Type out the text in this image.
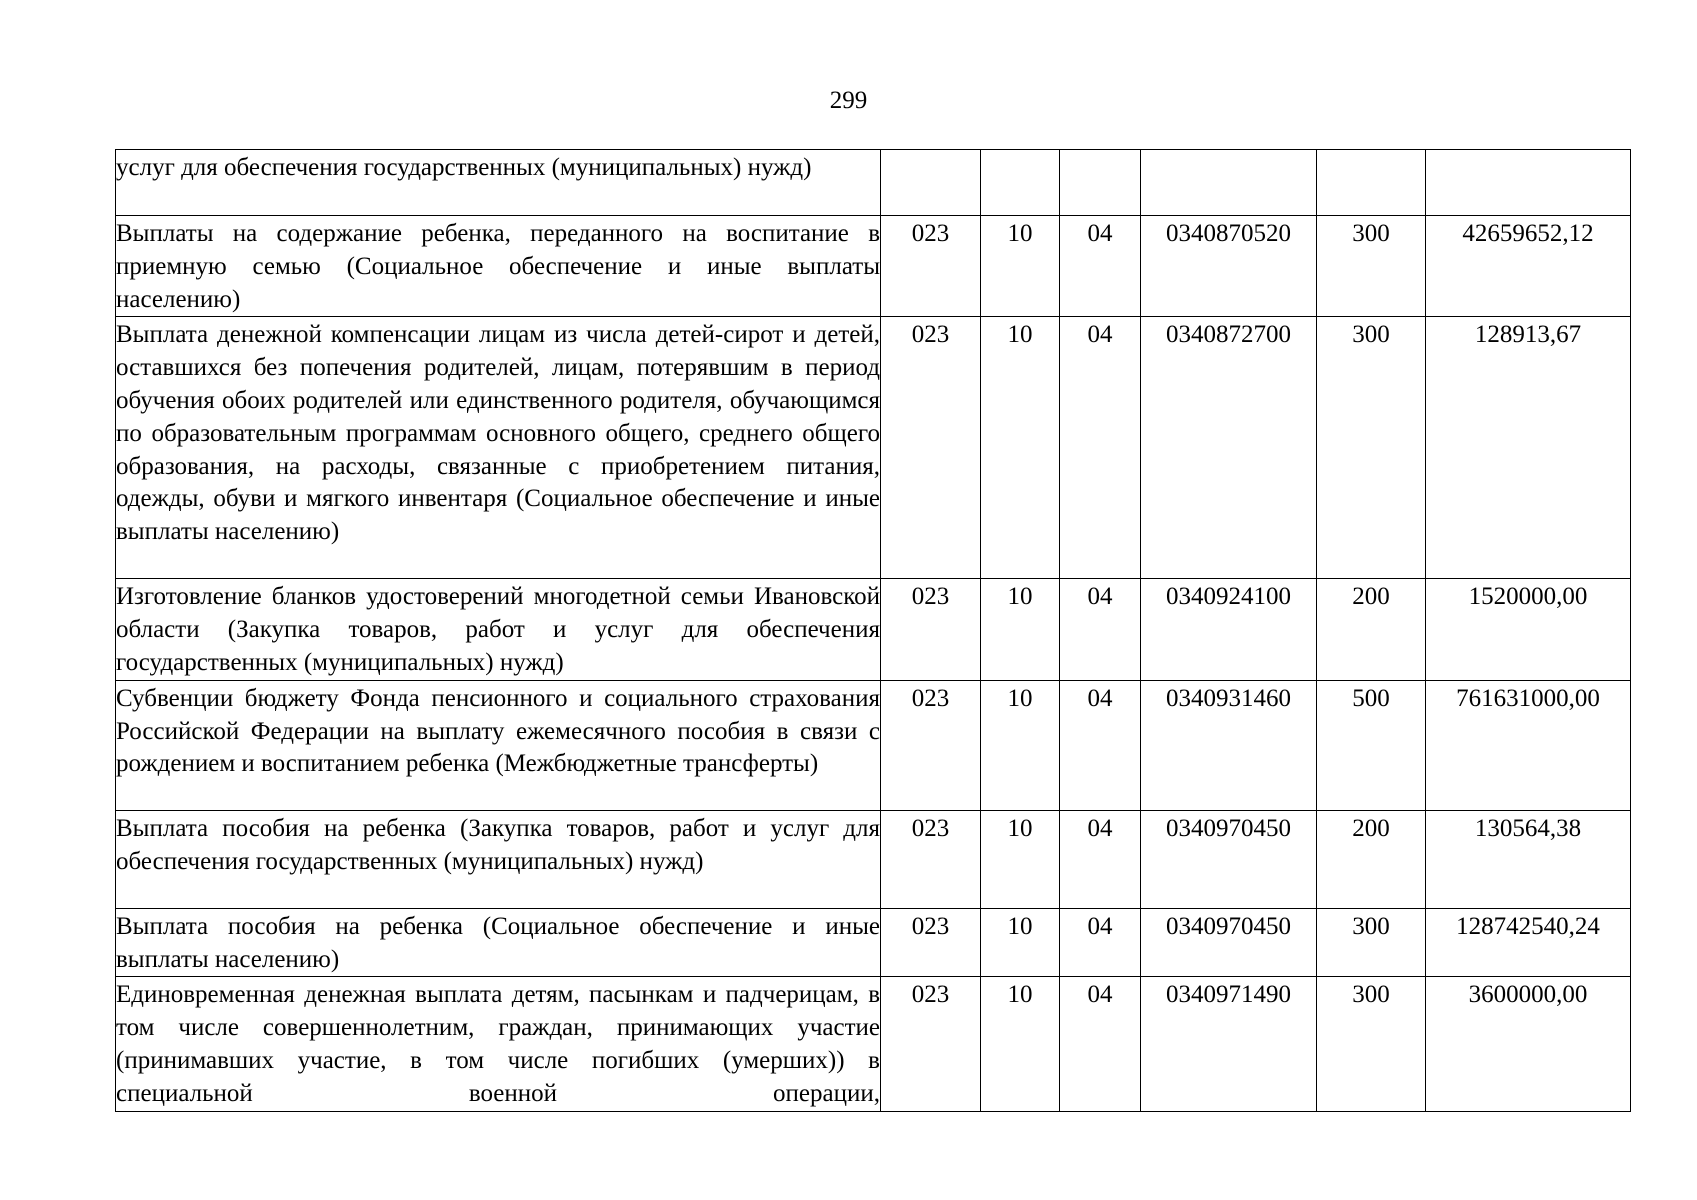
299
услуг для обеспечения государственных (муниципальных) нужд)						
Выплаты на содержание ребенка, переданного на воспитание в приемную семью (Социальное обеспечение и иные выплаты населению)	023	10	04	0340870520	300	42659652,12
Выплата денежной компенсации лицам из числа детей-сирот и детей, оставшихся без попечения родителей, лицам, потерявшим в период обучения обоих родителей или единственного родителя, обучающимся по образовательным программам основного общего, среднего общего образования, на расходы, связанные с приобретением питания, одежды, обуви и мягкого инвентаря (Социальное обеспечение и иные выплаты населению)	023	10	04	0340872700	300	128913,67
Изготовление бланков удостоверений многодетной семьи Ивановской области (Закупка товаров, работ и услуг для обеспечения государственных (муниципальных) нужд)	023	10	04	0340924100	200	1520000,00
Субвенции бюджету Фонда пенсионного и социального страхования Российской Федерации на выплату ежемесячного пособия в связи с рождением и воспитанием ребенка (Межбюджетные трансферты)	023	10	04	0340931460	500	761631000,00
Выплата пособия на ребенка (Закупка товаров, работ и услуг для обеспечения государственных (муниципальных) нужд)	023	10	04	0340970450	200	130564,38
Выплата пособия на ребенка (Социальное обеспечение и иные выплаты населению)	023	10	04	0340970450	300	128742540,24
Единовременная денежная выплата детям, пасынкам и падчерицам, в том числе совершеннолетним, граждан, принимающих участие (принимавших участие, в том числе погибших (умерших)) в специальной военной операции,	023	10	04	0340971490	300	3600000,00
